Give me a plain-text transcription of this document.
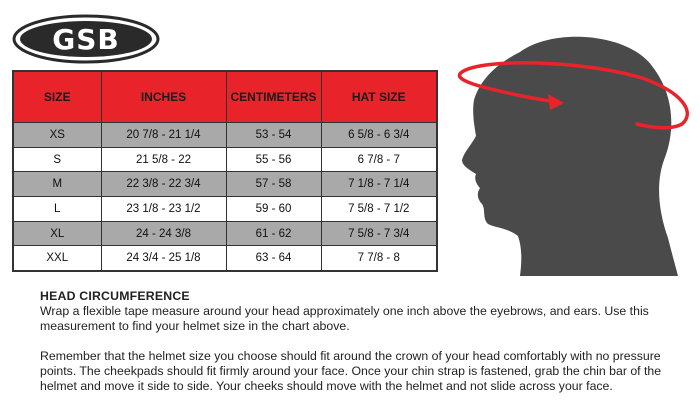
GSB
SIZE	INCHES	CENTIMETERS	HAT SIZE
XS	20 7/8 - 21 1/4	53 - 54	6 5/8 - 6 3/4
S	21 5/8 - 22	55 - 56	6 7/8 - 7
M	22 3/8 - 22 3/4	57 - 58	7 1/8 - 7 1/4
L	23 1/8 - 23 1/2	59 - 60	7 5/8 - 7 1/2
XL	24 - 24 3/8	61 - 62	7 5/8 - 7 3/4
XXL	24 3/4 - 25 1/8	63 - 64	7 7/8 - 8
HEAD CIRCUMFERENCE

Wrap a flexible tape measure around your head approximately one inch above the eyebrows, and ears. Use this measurement to find your helmet size in the chart above.

Remember that the helmet size you choose should fit around the crown of your head comfortably with no pressure points. The cheekpads should fit firmly around your face. Once your chin strap is fastened, grab the chin bar of the helmet and move it side to side. Your cheeks should move with the helmet and not slide across your face.
